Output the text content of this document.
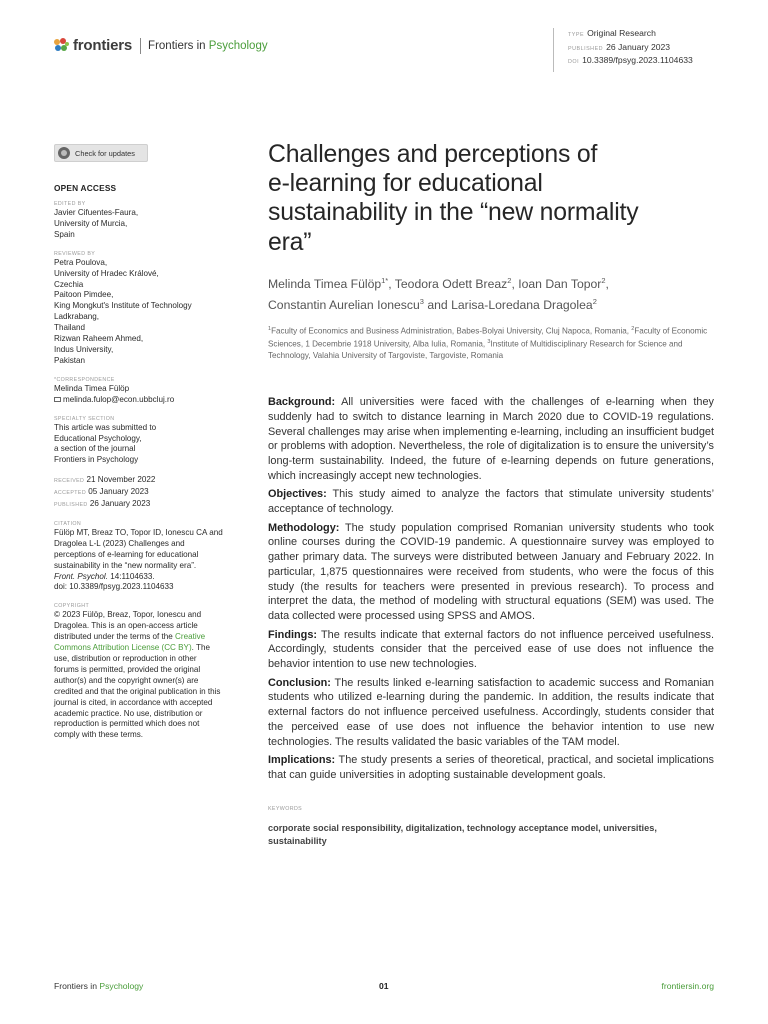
frontiers Frontiers in Psychology
TYPE Original Research
PUBLISHED 26 January 2023
DOI 10.3389/fpsyg.2023.1104633
Check for updates
OPEN ACCESS
EDITED BY
Javier Cifuentes-Faura,
University of Murcia,
Spain
REVIEWED BY
Petra Poulova,
University of Hradec Králové,
Czechia
Paitoon Pimdee,
King Mongkut's Institute of Technology
Ladkrabang,
Thailand
Rizwan Raheem Ahmed,
Indus University,
Pakistan
*CORRESPONDENCE
Melinda Timea Fülöp
melinda.fulop@econ.ubbcluj.ro
SPECIALTY SECTION
This article was submitted to
Educational Psychology,
a section of the journal
Frontiers in Psychology
RECEIVED 21 November 2022
ACCEPTED 05 January 2023
PUBLISHED 26 January 2023
CITATION
Fülöp MT, Breaz TO, Topor ID, Ionescu CA and
Dragolea L-L (2023) Challenges and
perceptions of e-learning for educational
sustainability in the “new normality era”.
Front. Psychol. 14:1104633.
doi: 10.3389/fpsyg.2023.1104633
COPYRIGHT
© 2023 Fülöp, Breaz, Topor, Ionescu and
Dragolea. This is an open-access article
distributed under the terms of the Creative
Commons Attribution License (CC BY). The
use, distribution or reproduction in other
forums is permitted, provided the original
author(s) and the copyright owner(s) are
credited and that the original publication in this
journal is cited, in accordance with accepted
academic practice. No use, distribution or
reproduction is permitted which does not
comply with these terms.
Challenges and perceptions of
e-learning for educational
sustainability in the “new normality
era”
Melinda Timea Fülöp$^{1*}$, Teodora Odett Breaz$^2$, Ioan Dan Topor$^2$,
Constantin Aurelian Ionescu$^3$ and Larisa-Loredana Dragolea$^2$
$^1$Faculty of Economics and Business Administration, Babes-Bolyai University, Cluj Napoca, Romania, $^2$Faculty of Economic Sciences, 1 Decembrie 1918 University, Alba Iulia, Romania, $^3$Institute of Multidisciplinary Research for Science and Technology, Valahia University of Targoviste, Targoviste, Romania

Background: All universities were faced with the challenges of e-learning when they suddenly had to switch to distance learning in March 2020 due to COVID-19 regulations. Several challenges may arise when implementing e-learning, including an insufficient budget or problems with adoption. Nevertheless, the role of digitalization is to ensure the university’s long-term sustainability. Indeed, the future of e-learning depends on future generations, which increasingly accept new technologies.

Objectives: This study aimed to analyze the factors that stimulate university students’ acceptance of technology.

Methodology: The study population comprised Romanian university students who took online courses during the COVID-19 pandemic. A questionnaire survey was employed to gather primary data. The surveys were distributed between January and February 2022. In particular, 1,875 questionnaires were received from students, who were the focus of this study (the results for teachers were presented in previous research). To process and interpret the data, the method of modeling with structural equations (SEM) was used. The data collected were processed using SPSS and AMOS.

Findings: The results indicate that external factors do not influence perceived usefulness. Accordingly, students consider that the perceived ease of use does not influence the behavior intention to use new technologies.

Conclusion: The results linked e-learning satisfaction to academic success and Romanian students who utilized e-learning during the pandemic. In addition, the results indicate that external factors do not influence perceived usefulness. Accordingly, students consider that the perceived ease of use does not influence the behavior intention to use new technologies. The results validated the basic variables of the TAM model.

Implications: The study presents a series of theoretical, practical, and societal implications that can guide universities in adopting sustainable development goals.

KEYWORDS
corporate social responsibility, digitalization, technology acceptance model, universities, sustainability
Frontiers in Psychology	01	frontiersin.org
